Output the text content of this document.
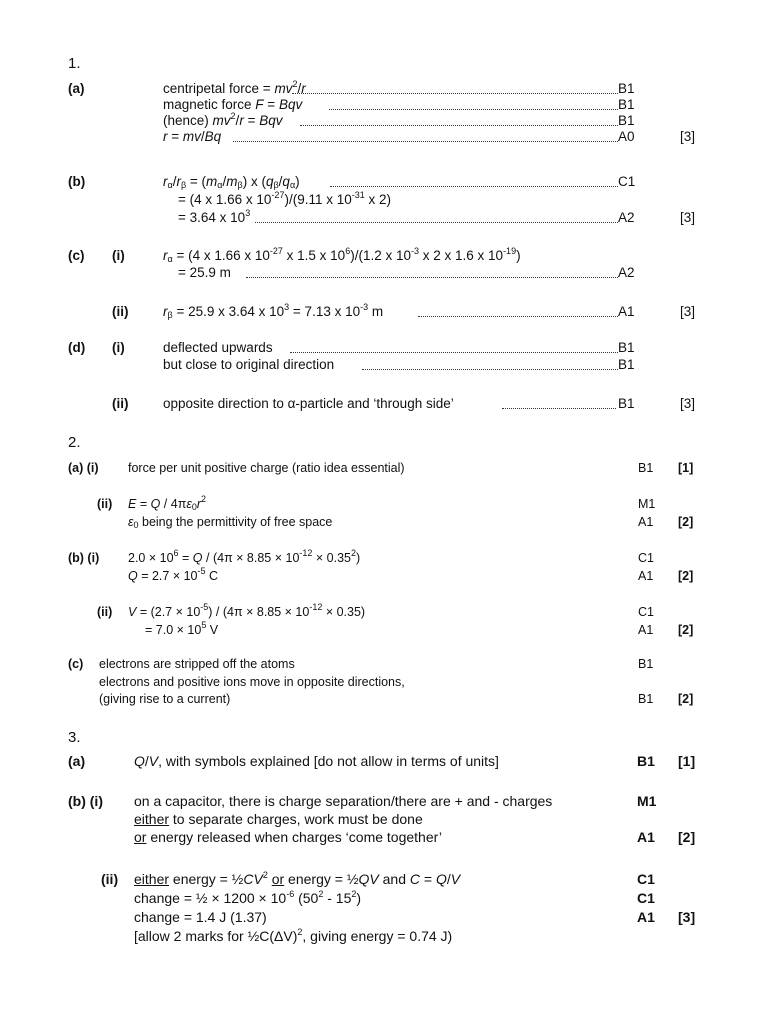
1.
(a)	centripetal force = $mv^2/r$	B1
magnetic force F = Bqv	B1
(hence) $mv^2/r$ = Bqv	B1
r = mv/Bq	A0	[3]
(b)	$r_\alpha/r_\beta = (m_\alpha/m_\beta)$ x $(q_\beta/q_\alpha)$	C1
= (4 x 1.66 x $10^{-27})/(9.11$ x $10^{-31}$ x 2)
= 3.64 x $10^3$	A2	[3]
(c) (i)	$r_\alpha = (4$ x 1.66 x $10^{-27}$ x 1.5 x $10^6)/(1.2$ x $10^{-3}$ x 2 x 1.6 x $10^{-19}$)
= 25.9 m	A2
(ii)	$r_\beta = 25.9$ x 3.64 x $10^3 = 7.13$ x $10^{-3}$ m	A1	[3]
(d) (i)	deflected upwards	B1
but close to original direction	B1
(ii)	opposite direction to α-particle and ‘through side’	B1	[3]
2.
(a) (i) force per unit positive charge (ratio idea essential)	B1 [1]
(ii) $E = Q / 4\pi\varepsilon_0r^2$	M1
$\varepsilon_0$ being the permittivity of free space	A1 [2]
(b) (i) $2.0 \times 10^6 = Q / (4\pi \times 8.85 \times 10^{-12} \times 0.35^2)$	C1
$Q = 2.7 \times 10^{-5}$ C	A1 [2]
(ii) $V = (2.7 \times 10^{-5}) / (4\pi \times 8.85 \times 10^{-12} \times 0.35)$	C1
= $7.0 \times 10^5$ V	A1 [2]
(c) electrons are stripped off the atoms	B1
electrons and positive ions move in opposite directions,
(giving rise to a current)	B1 [2]
3.
(a)	Q/V, with symbols explained [do not allow in terms of units]	B1 [1]
(b) (i) on a capacitor, there is charge separation/there are + and - charges	M1
either to separate charges, work must be done
or energy released when charges ‘come together’	A1 [2]
(ii) either energy = $\frac{1}{2}CV^2$ or energy = ½QV and C = Q/V	C1
change = ½ × $1200 \times 10^{-6}$ $(50^2 - 15^2)$	C1
change = 1.4 J (1.37)	A1 [3]
[allow 2 marks for $\frac{1}{2}C(\Delta V)^2$, giving energy = 0.74 J)
